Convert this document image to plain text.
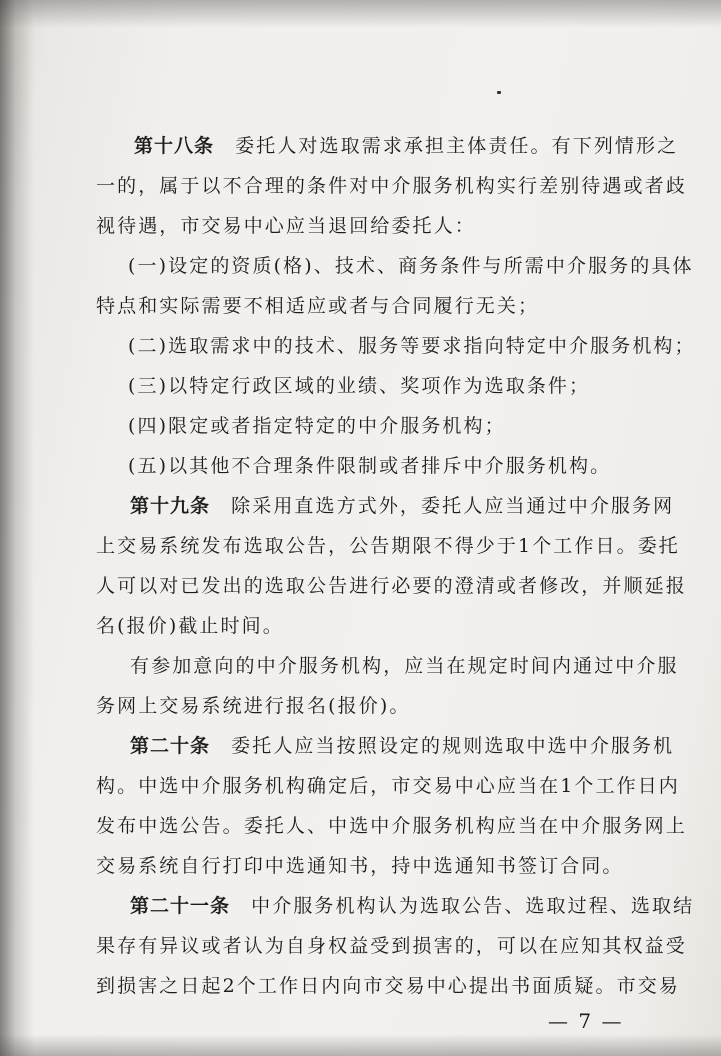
第十八条　委托人对选取需求承担主体责任。有下列情形之
一的，属于以不合理的条件对中介服务机构实行差别待遇或者歧
视待遇，市交易中心应当退回给委托人：
(一)设定的资质(格)、技术、商务条件与所需中介服务的具体
特点和实际需要不相适应或者与合同履行无关；
(二)选取需求中的技术、服务等要求指向特定中介服务机构；
(三)以特定行政区域的业绩、奖项作为选取条件；
(四)限定或者指定特定的中介服务机构；
(五)以其他不合理条件限制或者排斥中介服务机构。
第十九条　除采用直选方式外，委托人应当通过中介服务网
上交易系统发布选取公告，公告期限不得少于1个工作日。委托
人可以对已发出的选取公告进行必要的澄清或者修改，并顺延报
名(报价)截止时间。
有参加意向的中介服务机构，应当在规定时间内通过中介服
务网上交易系统进行报名(报价)。
第二十条　委托人应当按照设定的规则选取中选中介服务机
构。中选中介服务机构确定后，市交易中心应当在1个工作日内
发布中选公告。委托人、中选中介服务机构应当在中介服务网上
交易系统自行打印中选通知书，持中选通知书签订合同。
第二十一条　中介服务机构认为选取公告、选取过程、选取结
果存有异议或者认为自身权益受到损害的，可以在应知其权益受
到损害之日起2个工作日内向市交易中心提出书面质疑。市交易
— 7 —
